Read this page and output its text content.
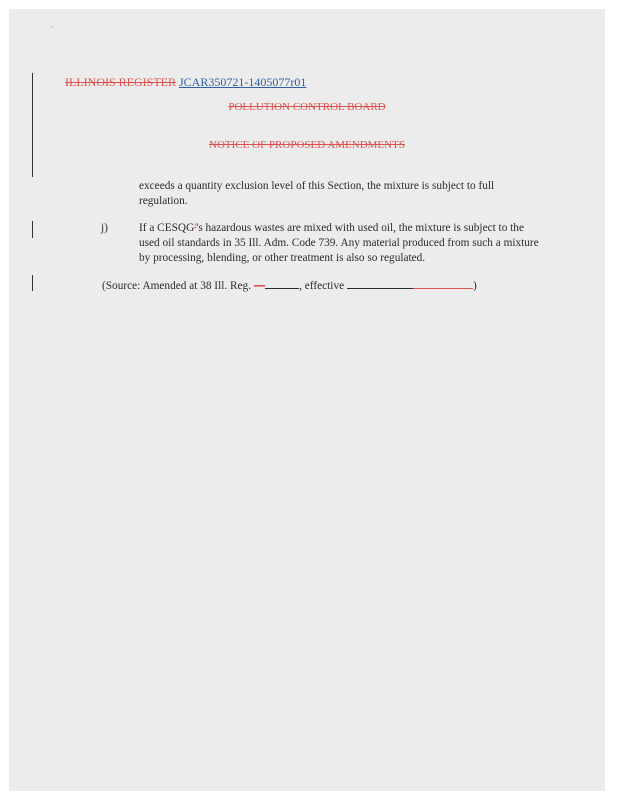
· · ‹
ILLINOIS REGISTER JCAR350721-1405077r01
POLLUTION CONTROL BOARD
NOTICE OF PROPOSED AMENDMENTS
exceeds a quantity exclusion level of this Section, the mixture is subject to full regulation.
j)	If a CESQG''s hazardous wastes are mixed with used oil, the mixture is subject to the used oil standards in 35 Ill. Adm. Code 739. Any material produced from such a mixture by processing, blending, or other treatment is also so regulated.
(Source: Amended at 38 Ill. Reg. —	, effective	)
